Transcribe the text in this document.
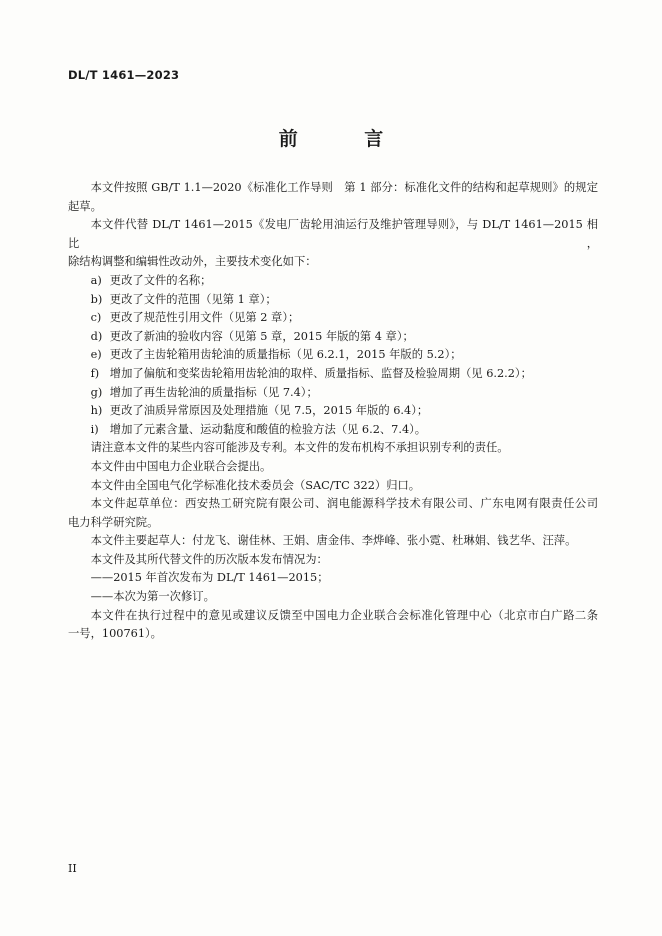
DL/T 1461—2023
前 言

本文件按照 GB/T 1.1—2020《标准化工作导则　第 1 部分：标准化文件的结构和起草规则》的规定

起草。

本文件代替 DL/T 1461—2015《发电厂齿轮用油运行及维护管理导则》，与 DL/T 1461—2015 相比，

除结构调整和编辑性改动外，主要技术变化如下：

a) 更改了文件的名称；

b) 更改了文件的范围（见第 1 章）；

c) 更改了规范性引用文件（见第 2 章）；

d) 更改了新油的验收内容（见第 5 章，2015 年版的第 4 章）；

e) 更改了主齿轮箱用齿轮油的质量指标（见 6.2.1，2015 年版的 5.2）；

f) 增加了偏航和变桨齿轮箱用齿轮油的取样、质量指标、监督及检验周期（见 6.2.2）；

g) 增加了再生齿轮油的质量指标（见 7.4）；

h) 更改了油质异常原因及处理措施（见 7.5，2015 年版的 6.4）；

i) 增加了元素含量、运动黏度和酸值的检验方法（见 6.2、7.4）。

请注意本文件的某些内容可能涉及专利。本文件的发布机构不承担识别专利的责任。

本文件由中国电力企业联合会提出。

本文件由全国电气化学标准化技术委员会（SAC/TC 322）归口。

本文件起草单位：西安热工研究院有限公司、润电能源科学技术有限公司、广东电网有限责任公司

电力科学研究院。

本文件主要起草人：付龙飞、谢佳林、王娟、唐金伟、李烨峰、张小霓、杜琳娟、钱艺华、汪萍。

本文件及其所代替文件的历次版本发布情况为：

——2015 年首次发布为 DL/T 1461—2015；

——本次为第一次修订。

本文件在执行过程中的意见或建议反馈至中国电力企业联合会标准化管理中心（北京市白广路二条

一号，100761）。

II
